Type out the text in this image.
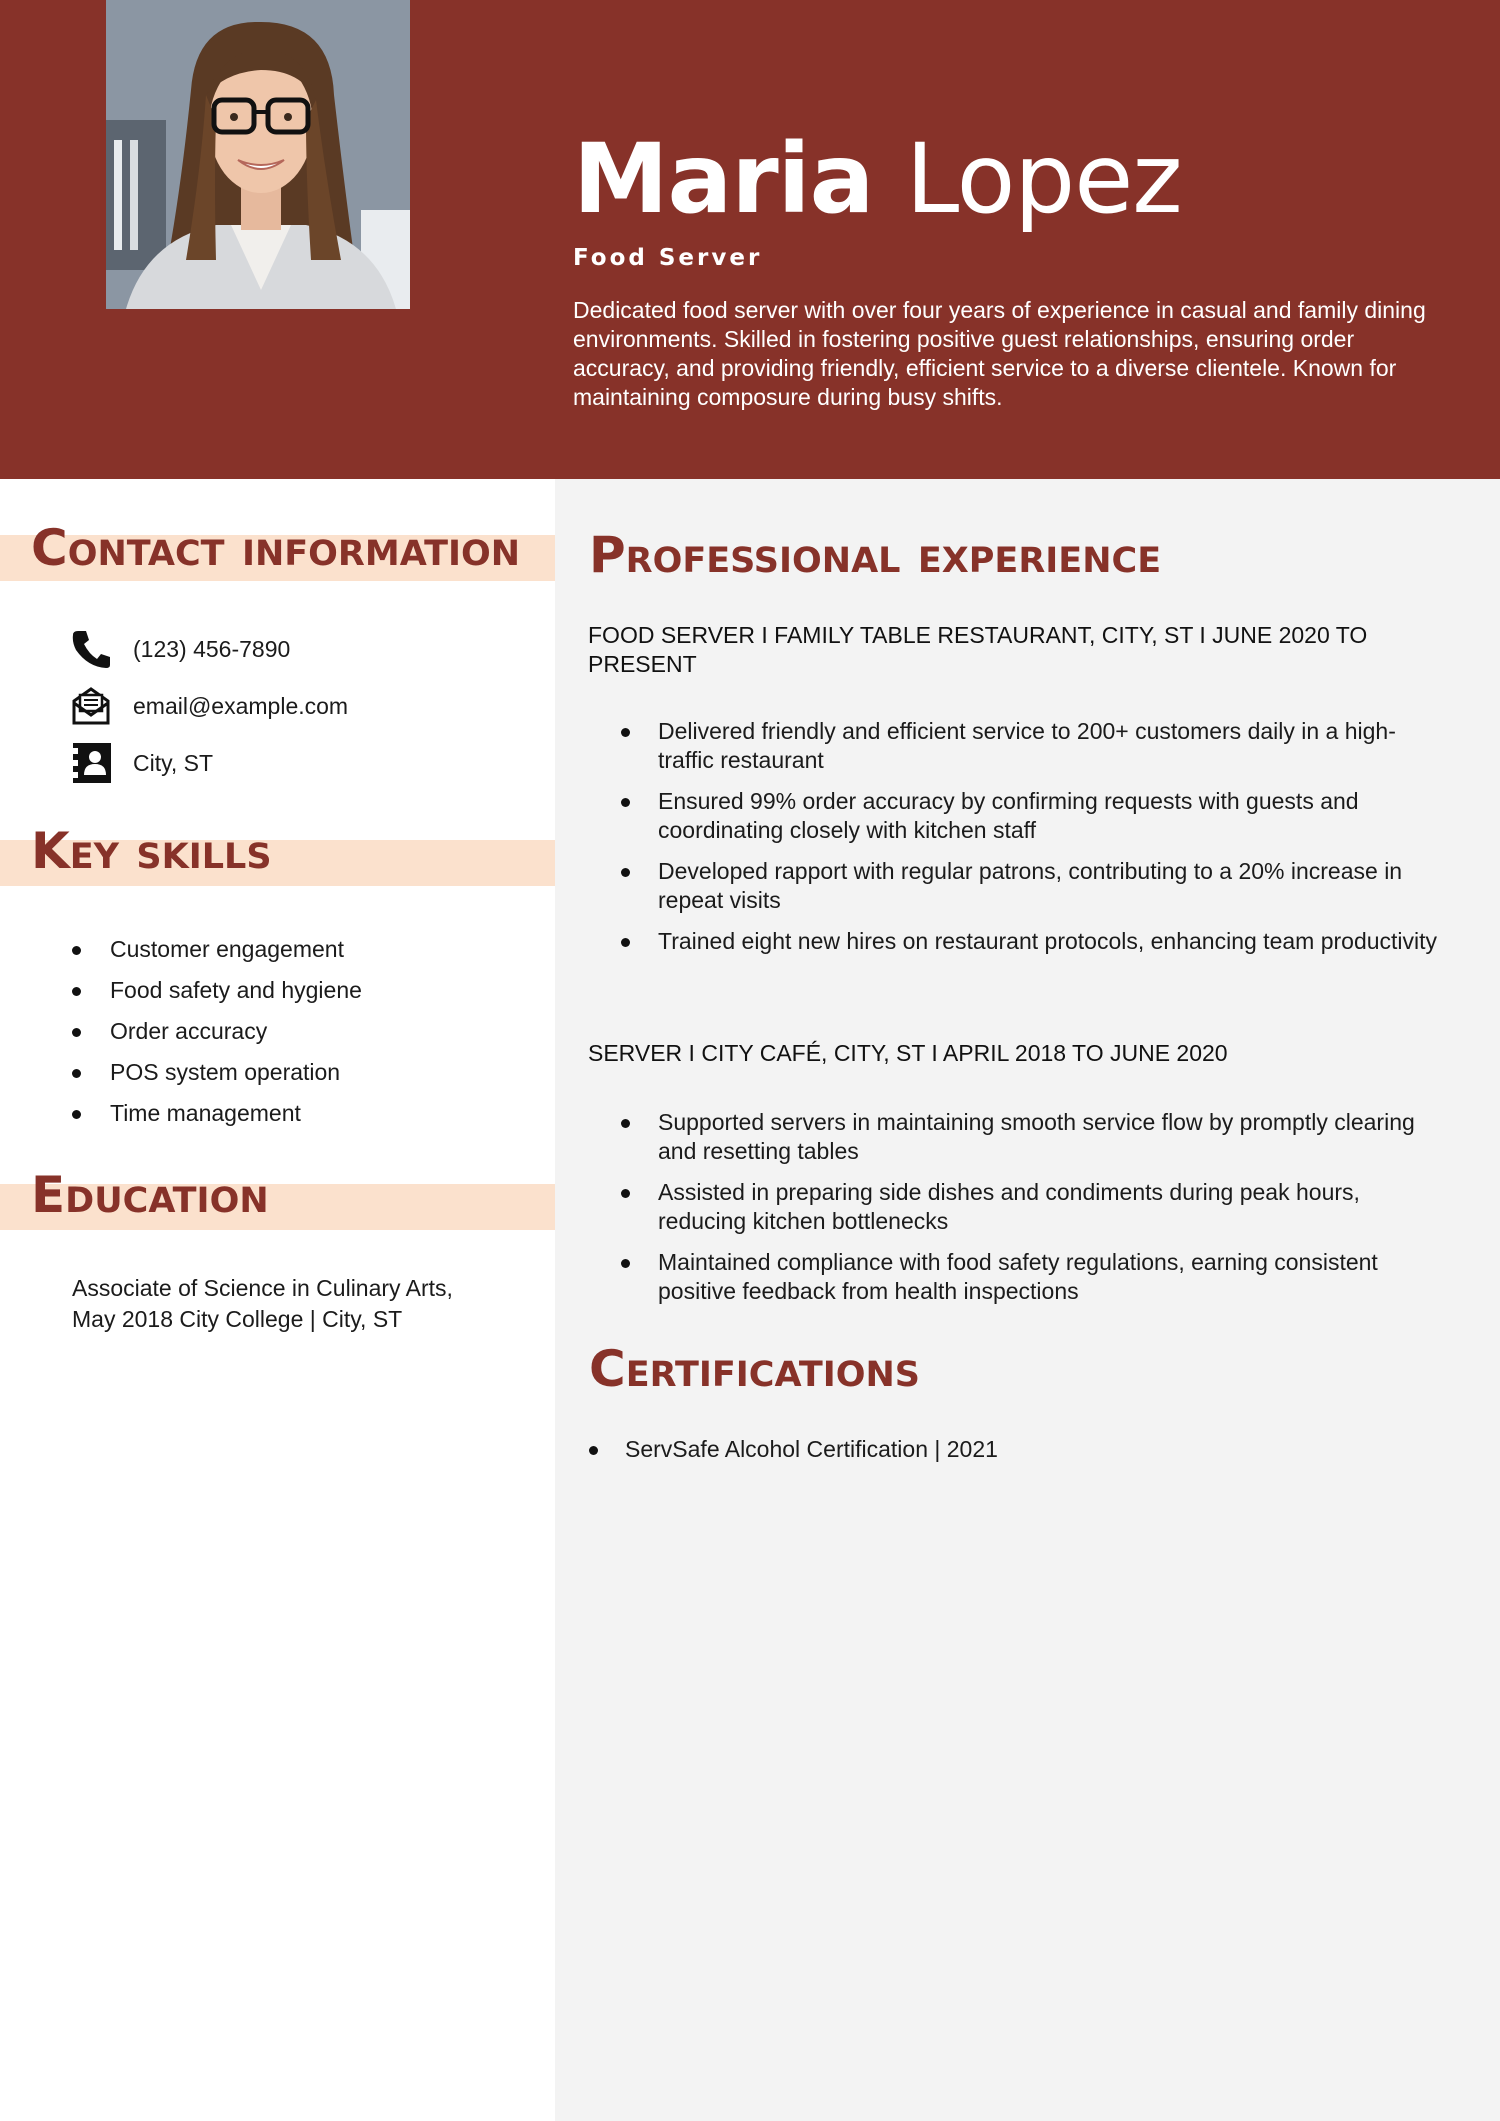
Maria Lopez
Food Server
Dedicated food server with over four years of experience in casual and family dining environments. Skilled in fostering positive guest relationships, ensuring order accuracy, and providing friendly, efficient service to a diverse clientele. Known for maintaining composure during busy shifts.
Contact information
(123) 456-7890
email@example.com
City, ST
Key skills
Customer engagement
Food safety and hygiene
Order accuracy
POS system operation
Time management
Education
Associate of Science in Culinary Arts,
May 2018 City College | City, ST
Professional experience
FOOD SERVER I FAMILY TABLE RESTAURANT, CITY, ST I JUNE 2020 TO PRESENT
Delivered friendly and efficient service to 200+ customers daily in a high-traffic restaurant
Ensured 99% order accuracy by confirming requests with guests and coordinating closely with kitchen staff
Developed rapport with regular patrons, contributing to a 20% increase in repeat visits
Trained eight new hires on restaurant protocols, enhancing team productivity
SERVER I CITY CAFÉ, CITY, ST I APRIL 2018 TO JUNE 2020
Supported servers in maintaining smooth service flow by promptly clearing and resetting tables
Assisted in preparing side dishes and condiments during peak hours, reducing kitchen bottlenecks
Maintained compliance with food safety regulations, earning consistent positive feedback from health inspections
Certifications
ServSafe Alcohol Certification | 2021
